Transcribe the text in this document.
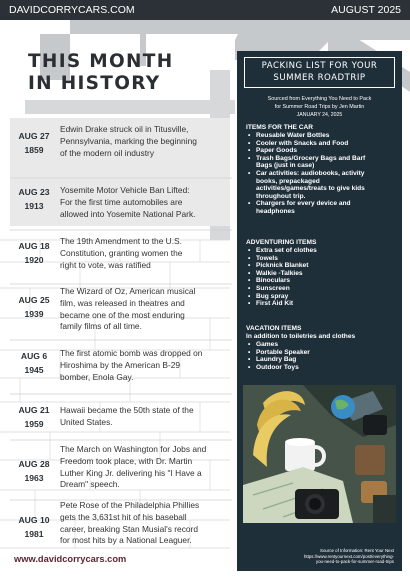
DAVIDCORRYCARS.COM	AUGUST 2025
THIS MONTH
IN HISTORY
AUG 27
1859
Edwin Drake struck oil in Titusville,
Pennsylvania, marking the beginning
of the modern oil industry
AUG 23
1913
Yosemite Motor Vehicle Ban Lifted:
For the first time automobiles are
allowed into Yosemite National Park.
AUG 18
1920
The 19th Amendment to the U.S.
Constitution, granting women the
right to vote, was ratified
AUG 25
1939
The Wizard of Oz, American musical
film, was released in theatres and
became one of the most enduring
family films of all time.
AUG 6
1945
The first atomic bomb was dropped on
Hiroshima by the American B-29
bomber, Enola Gay.
AUG 21
1959
Hawaii became the 50th state of the
United States.
AUG 28
1963
The March on Washington for Jobs and
Freedom took place, with Dr. Martin
Luther King Jr. delivering his "I Have a
Dream" speech.
AUG 10
1981
Pete Rose of the Philadelphia Phillies
gets the 3,631st hit of his baseball
career, breaking Stan Musial's record
for most hits by a National Leaguer.
www.davidcorrycars.com
PACKING LIST FOR YOUR
SUMMER ROADTRIP
Sourced from Everything You Need to Pack
for Summer Road Trips by Jen Martin
JANUARY 24, 2025
ITEMS FOR THE CAR
• Reusable Water Bottles
• Cooler with Snacks and Food
• Paper Goods
• Trash Bags/Grocery Bags and Barf
Bags (just in case)
• Car activities: audiobooks, activity
books, prepackaged
activities/games/treats to give kids
throughout trip.
• Chargers for every device and
headphones
ADVENTURING ITEMS
• Extra set of clothes
• Towels
• Picknick Blanket
• Walkie -Talkies
• Binoculars
• Sunscreen
• Bug spray
• First Aid Kit
VACATION ITEMS
In addition to toiletries and clothes
• Games
• Portable Speaker
• Laundry Bag
• Outdoor Toys
Source of Information: Rent Your Next
https://www.rentyournext.com/post/everything-
you-need-to-pack-for-summer-road-trips
